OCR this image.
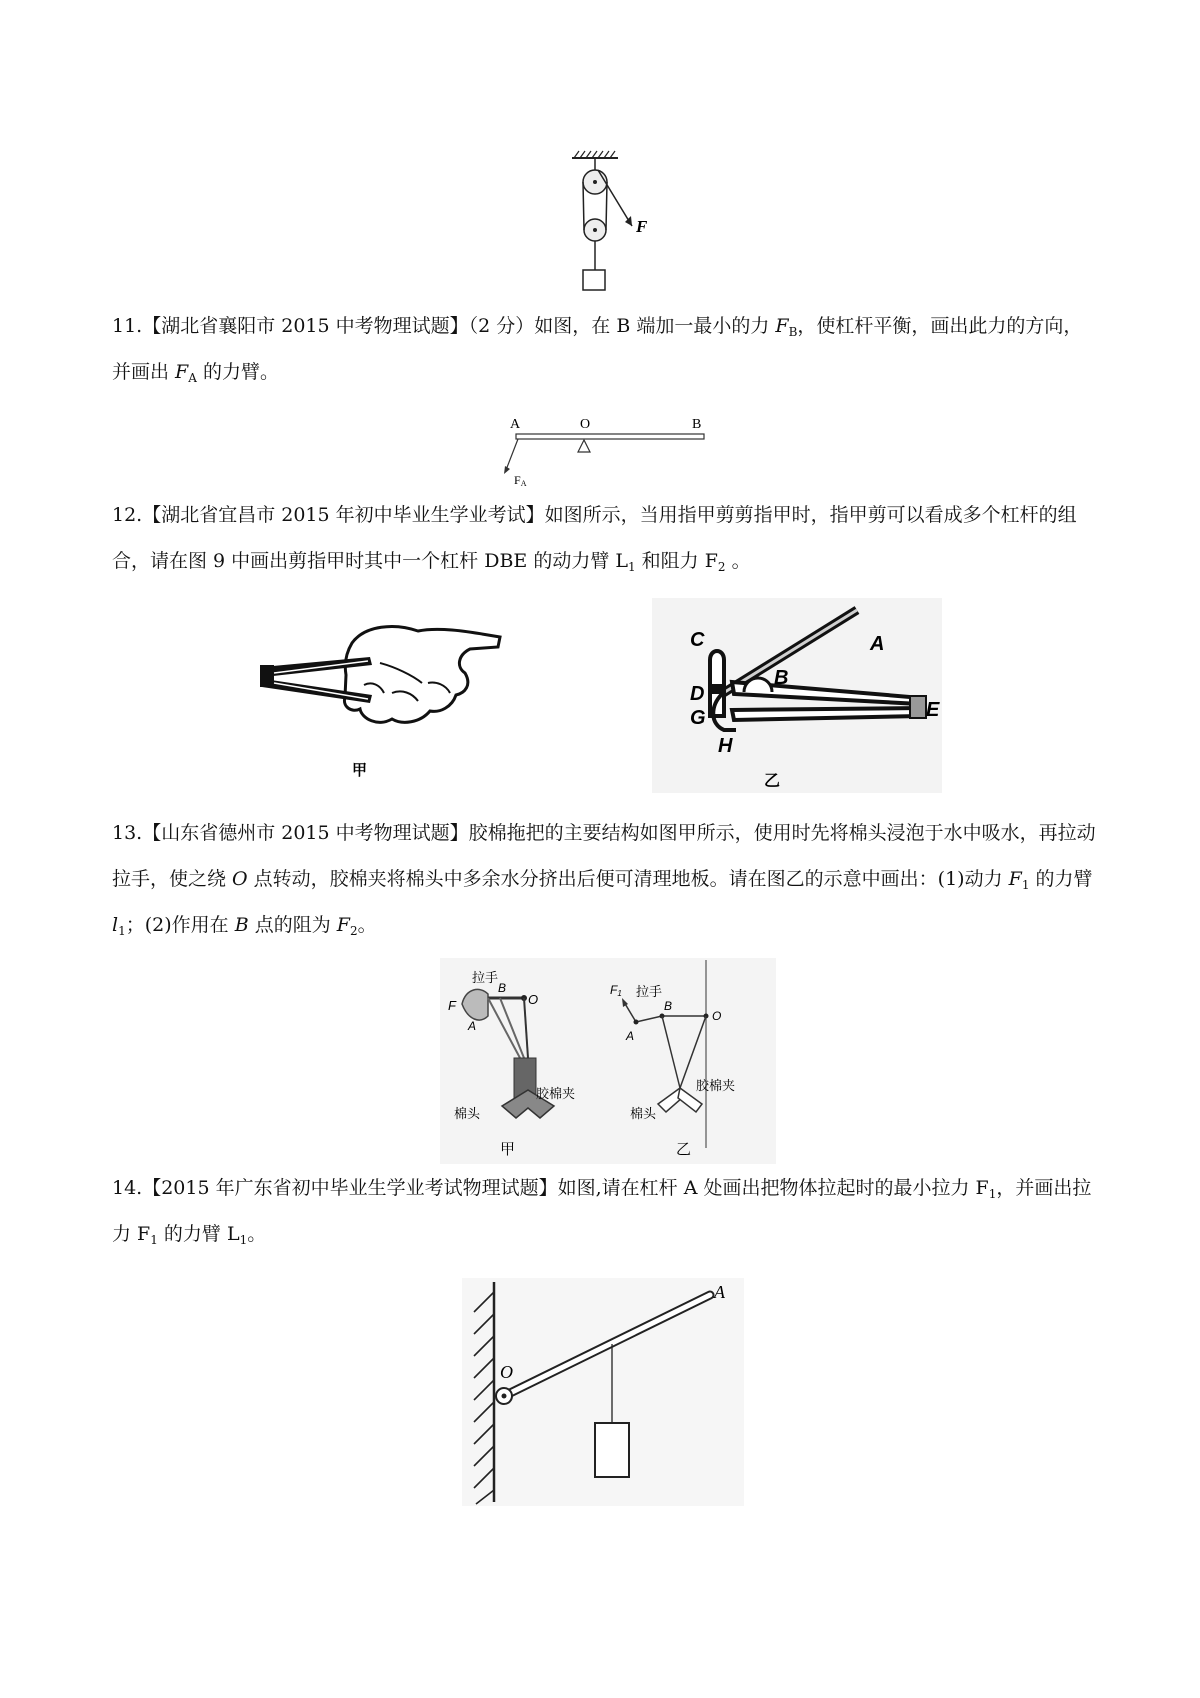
F

11.【湖北省襄阳市 2015 中考物理试题】（2 分）如图，在 B 端加一最小的力 $F_B$，使杠杆平衡，画出此力的方向，并画出 $F_A$ 的力臂。

A	O	B
FA

12.【湖北省宜昌市 2015 年初中毕业生学业考试】如图所示，当用指甲剪剪指甲时，指甲剪可以看成多个杠杆的组合，请在图 9 中画出剪指甲时其中一个杠杆 DBE 的动力臂 $L_1$ 和阻力 $F_2$ 。

甲
A
B
C
D
E
G
H
乙

13.【山东省德州市 2015 中考物理试题】胶棉拖把的主要结构如图甲所示，使用时先将棉头浸泡于水中吸水，再拉动拉手，使之绕 O 点转动，胶棉夹将棉头中多余水分挤出后便可清理地板。请在图乙的示意中画出：(1)动力 $F_1$ 的力臂 $l_1$；(2)作用在 B 点的阻为 $F_2$。

拉手
F
A
B
O
棉头
胶棉夹
甲
F1 拉手
A
B
O
胶棉夹
棉头
乙

14.【2015 年广东省初中毕业生学业考试物理试题】如图,请在杠杆 A 处画出把物体拉起时的最小拉力 $F_1$，并画出拉力 $F_1$ 的力臂 $L_1$。

A
O
